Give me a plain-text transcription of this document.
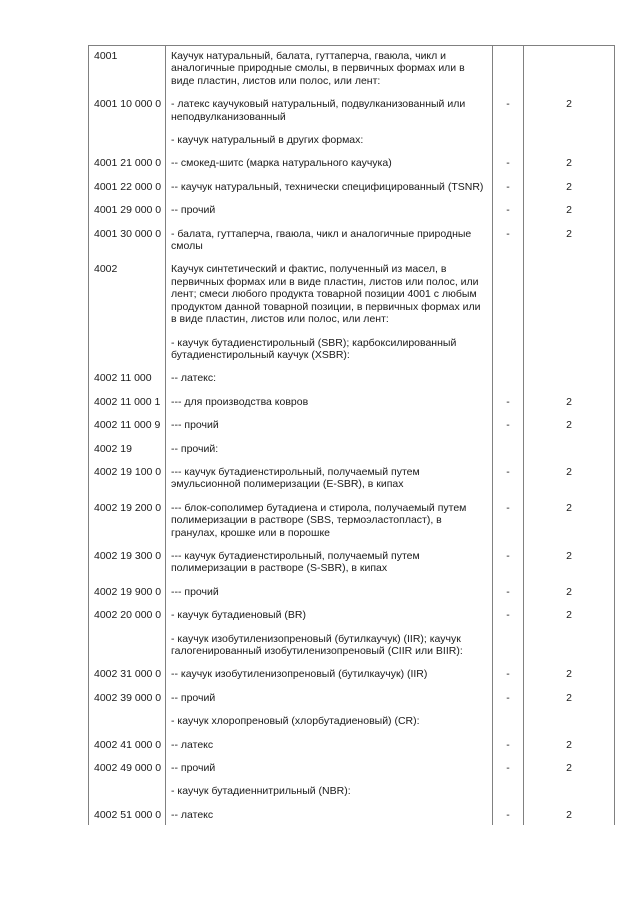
4001	Каучук натуральный, балата, гуттаперча, гваюла, чикл и аналогичные природные смолы, в первичных формах или в виде пластин, листов или полос, или лент:		
4001 10 000 0	- латекс каучуковый натуральный, подвулканизованный или неподвулканизованный	-	2
	- каучук натуральный в других формах:		
4001 21 000 0	-- смокед-шитс (марка натурального каучука)	-	2
4001 22 000 0	-- каучук натуральный, технически специфицированный (TSNR)	-	2
4001 29 000 0	-- прочий	-	2
4001 30 000 0	- балата, гуттаперча, гваюла, чикл и аналогичные природные смолы	-	2
4002	Каучук синтетический и фактис, полученный из масел, в первичных формах или в виде пластин, листов или полос, или лент; смеси любого продукта товарной позиции 4001 с любым продуктом данной товарной позиции, в первичных формах или в виде пластин, листов или полос, или лент:		
	- каучук бутадиенстирольный (SBR); карбоксилированный бутадиенстирольный каучук (XSBR):		
4002 11 000	-- латекс:		
4002 11 000 1	--- для производства ковров	-	2
4002 11 000 9	--- прочий	-	2
4002 19	-- прочий:		
4002 19 100 0	--- каучук бутадиенстирольный, получаемый путем эмульсионной полимеризации (E-SBR), в кипах	-	2
4002 19 200 0	--- блок-сополимер бутадиена и стирола, получаемый путем полимеризации в растворе (SBS, термоэластопласт), в гранулах, крошке или в порошке	-	2
4002 19 300 0	--- каучук бутадиенстирольный, получаемый путем полимеризации в растворе (S-SBR), в кипах	-	2
4002 19 900 0	--- прочий	-	2
4002 20 000 0	- каучук бутадиеновый (BR)	-	2
	- каучук изобутиленизопреновый (бутилкаучук) (IIR); каучук галогенированный изобутиленизопреновый (CIIR или BIIR):		
4002 31 000 0	-- каучук изобутиленизопреновый (бутилкаучук) (IIR)	-	2
4002 39 000 0	-- прочий	-	2
	- каучук хлоропреновый (хлорбутадиеновый) (CR):		
4002 41 000 0	-- латекс	-	2
4002 49 000 0	-- прочий	-	2
	- каучук бутадиеннитрильный (NBR):		
4002 51 000 0	-- латекс	-	2
